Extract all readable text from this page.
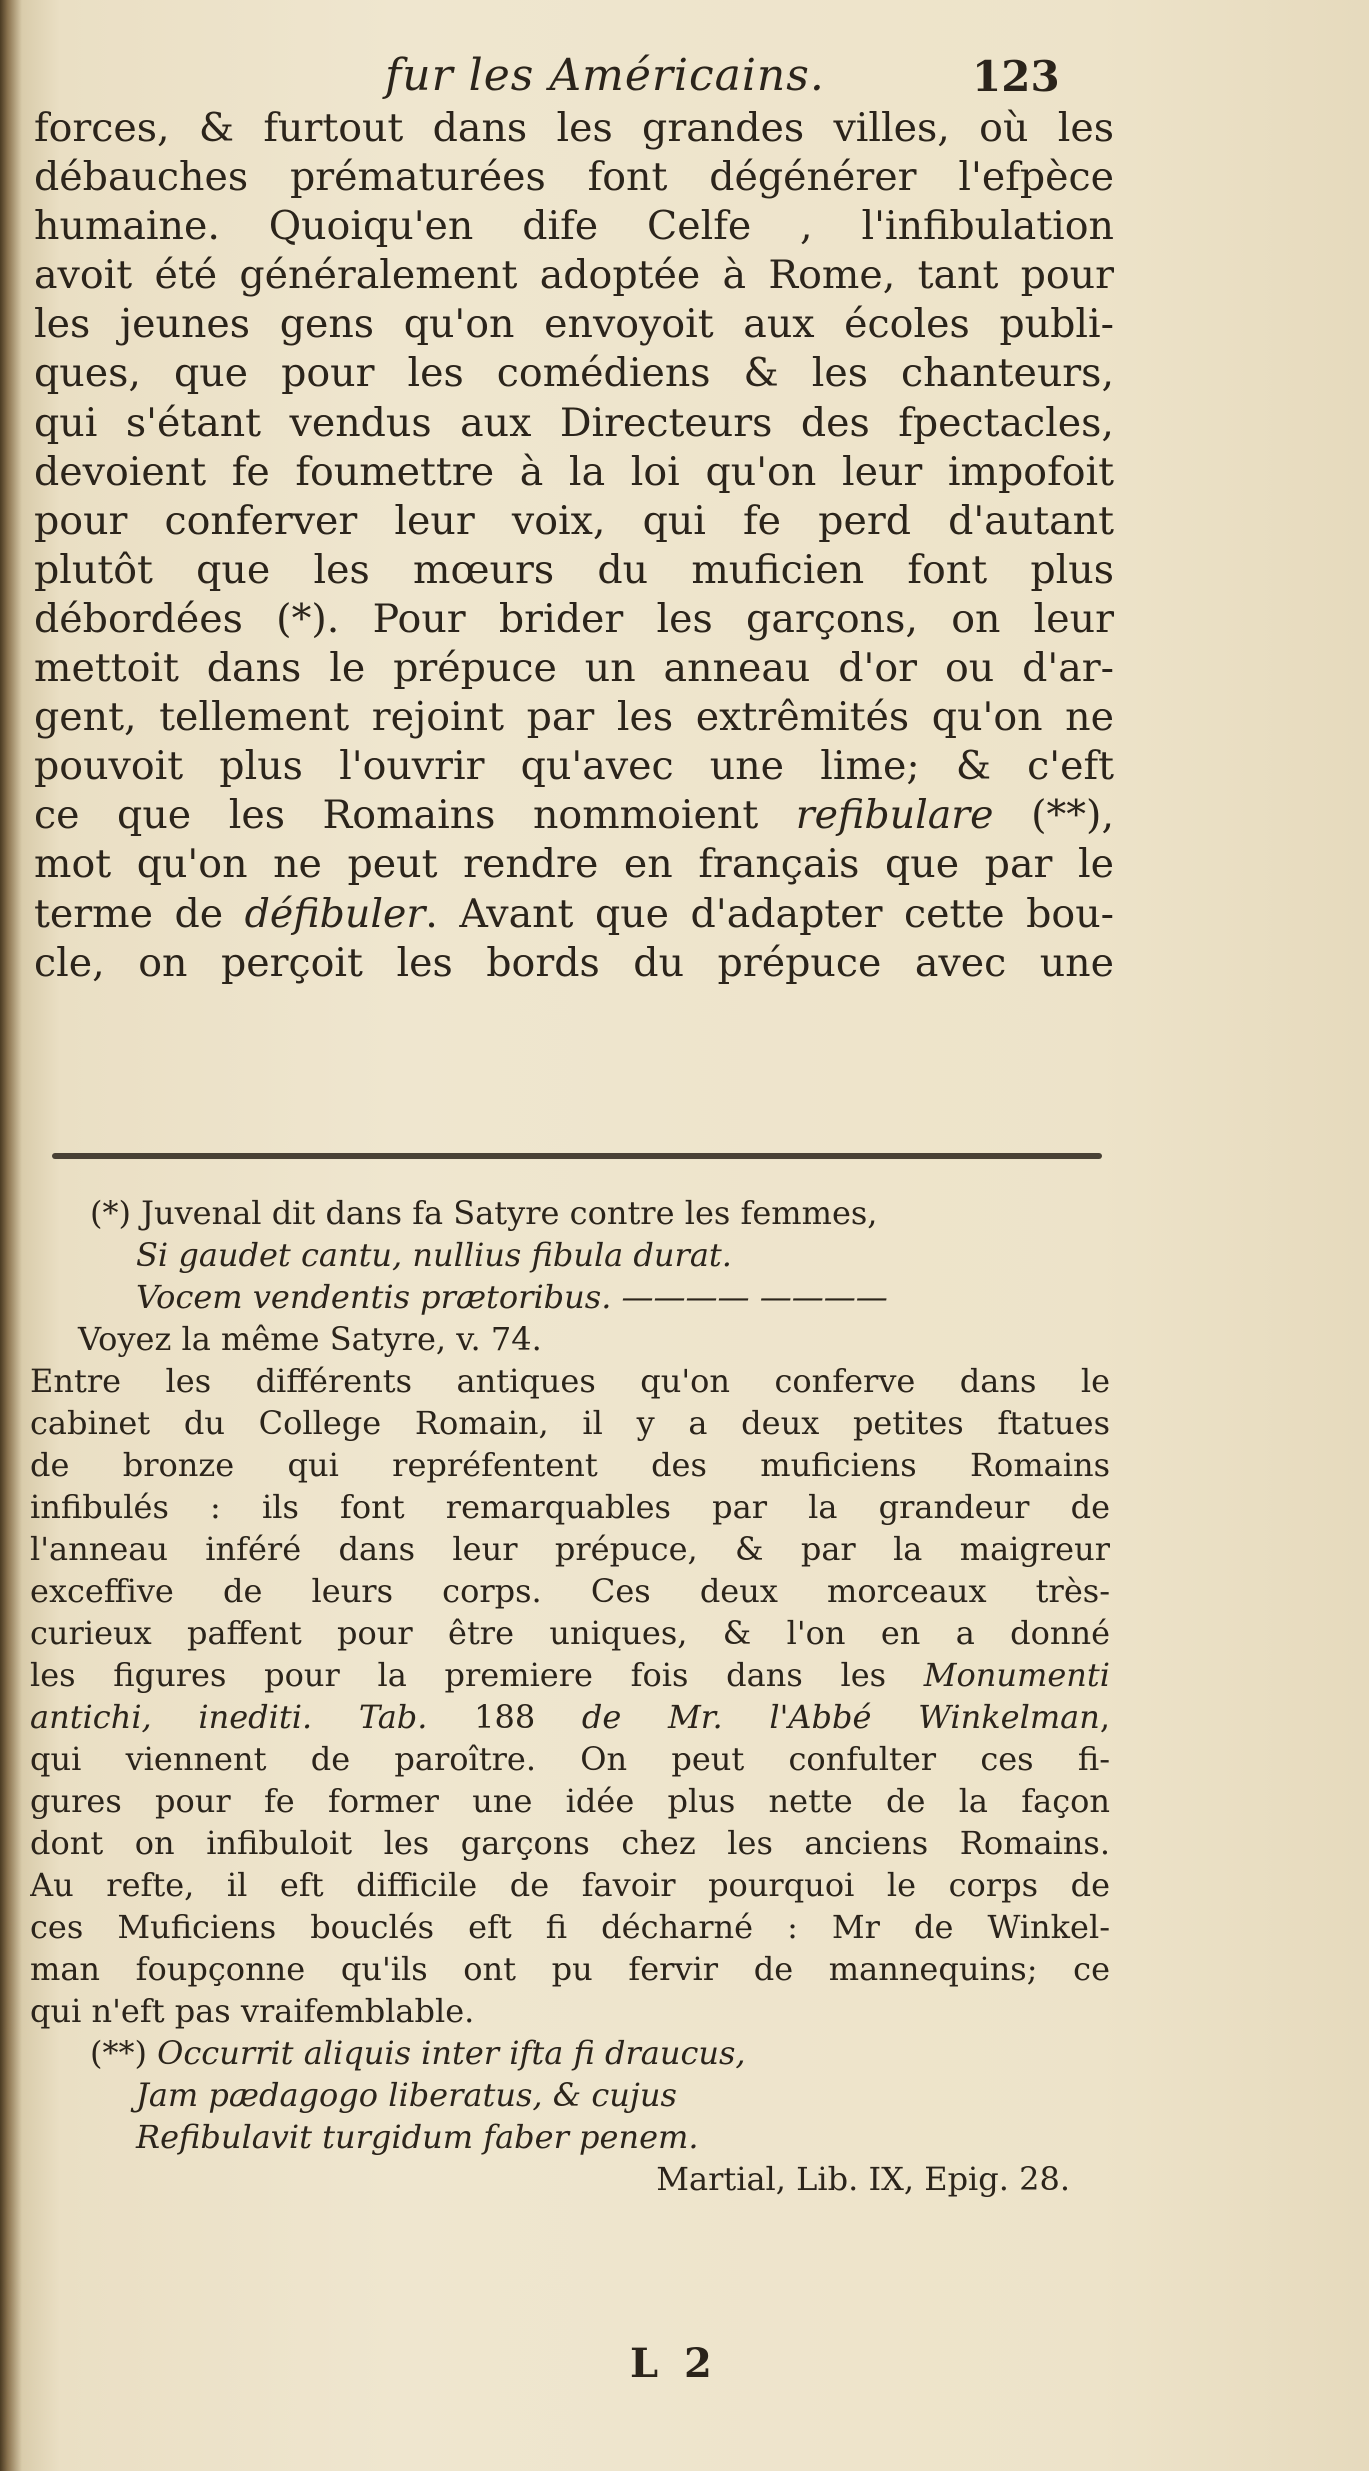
fur les Américains.	123
forces, & furtout dans les grandes villes, où les
débauches prématurées font dégénérer l'efpèce
humaine. Quoiqu'en dife Celfe , l'infibulation
avoit été généralement adoptée à Rome, tant pour
les jeunes gens qu'on envoyoit aux écoles publi-
ques, que pour les comédiens & les chanteurs,
qui s'étant vendus aux Directeurs des fpectacles,
devoient fe foumettre à la loi qu'on leur impofoit
pour conferver leur voix, qui fe perd d'autant
plutôt que les mœurs du muficien font plus
débordées (*). Pour brider les garçons, on leur
mettoit dans le prépuce un anneau d'or ou d'ar-
gent, tellement rejoint par les extrêmités qu'on ne
pouvoit plus l'ouvrir qu'avec une lime; & c'eft
ce que les Romains nommoient refibulare (**),
mot qu'on ne peut rendre en français que par le
terme de défibuler. Avant que d'adapter cette bou-
cle, on perçoit les bords du prépuce avec une
(*) Juvenal dit dans fa Satyre contre les femmes,
Si gaudet cantu, nullius fibula durat.
Vocem vendentis prætoribus. ———— ————
Voyez la même Satyre, v. 74.
Entre les différents antiques qu'on conferve dans le
cabinet du College Romain, il y a deux petites ftatues
de bronze qui repréfentent des muficiens Romains
infibulés : ils font remarquables par la grandeur de
l'anneau inféré dans leur prépuce, & par la maigreur
exceffive de leurs corps. Ces deux morceaux très-
curieux paffent pour être uniques, & l'on en a donné
les figures pour la premiere fois dans les Monumenti
antichi, inediti. Tab. 188 de Mr. l'Abbé Winkelman,
qui viennent de paroître. On peut confulter ces fi-
gures pour fe former une idée plus nette de la façon
dont on infibuloit les garçons chez les anciens Romains.
Au refte, il eft difficile de favoir pourquoi le corps de
ces Muficiens bouclés eft fi décharné : Mr de Winkel-
man foupçonne qu'ils ont pu fervir de mannequins; ce
qui n'eft pas vraifemblable.
(**) Occurrit aliquis inter ifta fi draucus,
Jam pædagogo liberatus, & cujus
Refibulavit turgidum faber penem.
Martial, Lib. IX, Epig. 28.
L 2
